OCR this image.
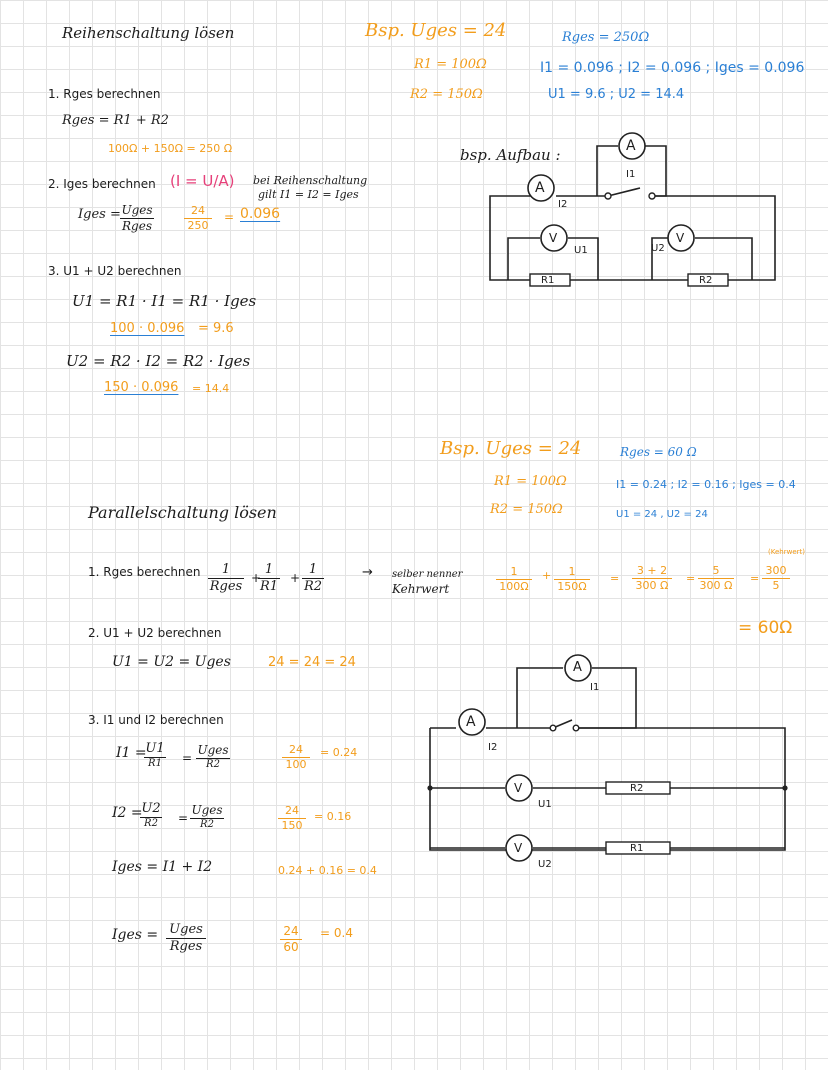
Reihenschaltung lösen
1. Rges berechnen
Rges = R1 + R2
100Ω + 150Ω = 250 Ω
2. Iges berechnen (I = U/A) bei Reihenschaltung
gilt I1 = I2 = Iges
Iges = Uges
Rges
24
250
= 0.096
3. U1 + U2 berechnen
U1 = R1 · I1 = R1 · Iges
100 · 0.096 = 9.6
U2 = R2 · I2 = R2 · Iges
150 · 0.096 = 14.4
Bsp. Uges = 24
R1 = 100Ω
R2 = 150Ω
Rges = 250Ω
I1 = 0.096 ; I2 = 0.096 ; Iges = 0.096
U1 = 9.6 ; U2 = 14.4
bsp. Aufbau :
A
A
V	V
I1
I2
U1	U2
R1	R2
Parallelschaltung lösen
1. Rges berechnen	1
Rges
+
1
R1
+
1
R2
→ selber nenner
Kehrwert
2. U1 + U2 berechnen
U1 = U2 = Uges	24 = 24 = 24
3. I1 und I2 berechnen
I1 =
U1
R1	=
Uges
R2
24
100
= 0.24
I2 =
U2
R2	=
Uges
R2
24
150
= 0.16
Iges = I1 + I2	0.24 + 0.16 = 0.4
Iges = Uges
Rges
24
60
= 0.4
Bsp. Uges = 24
R1 = 100Ω
R2 = 150Ω
Rges = 60 Ω
I1 = 0.24 ; I2 = 0.16 ; Iges = 0.4
U1 = 24 , U2 = 24
1
100Ω
+	1
150Ω
=
3 + 2
300 Ω
=
5
300 Ω
(Kehrwert)
=
300
5
= 60Ω
A
A
V
V
I1
I2
U1
U2
R2
R1
